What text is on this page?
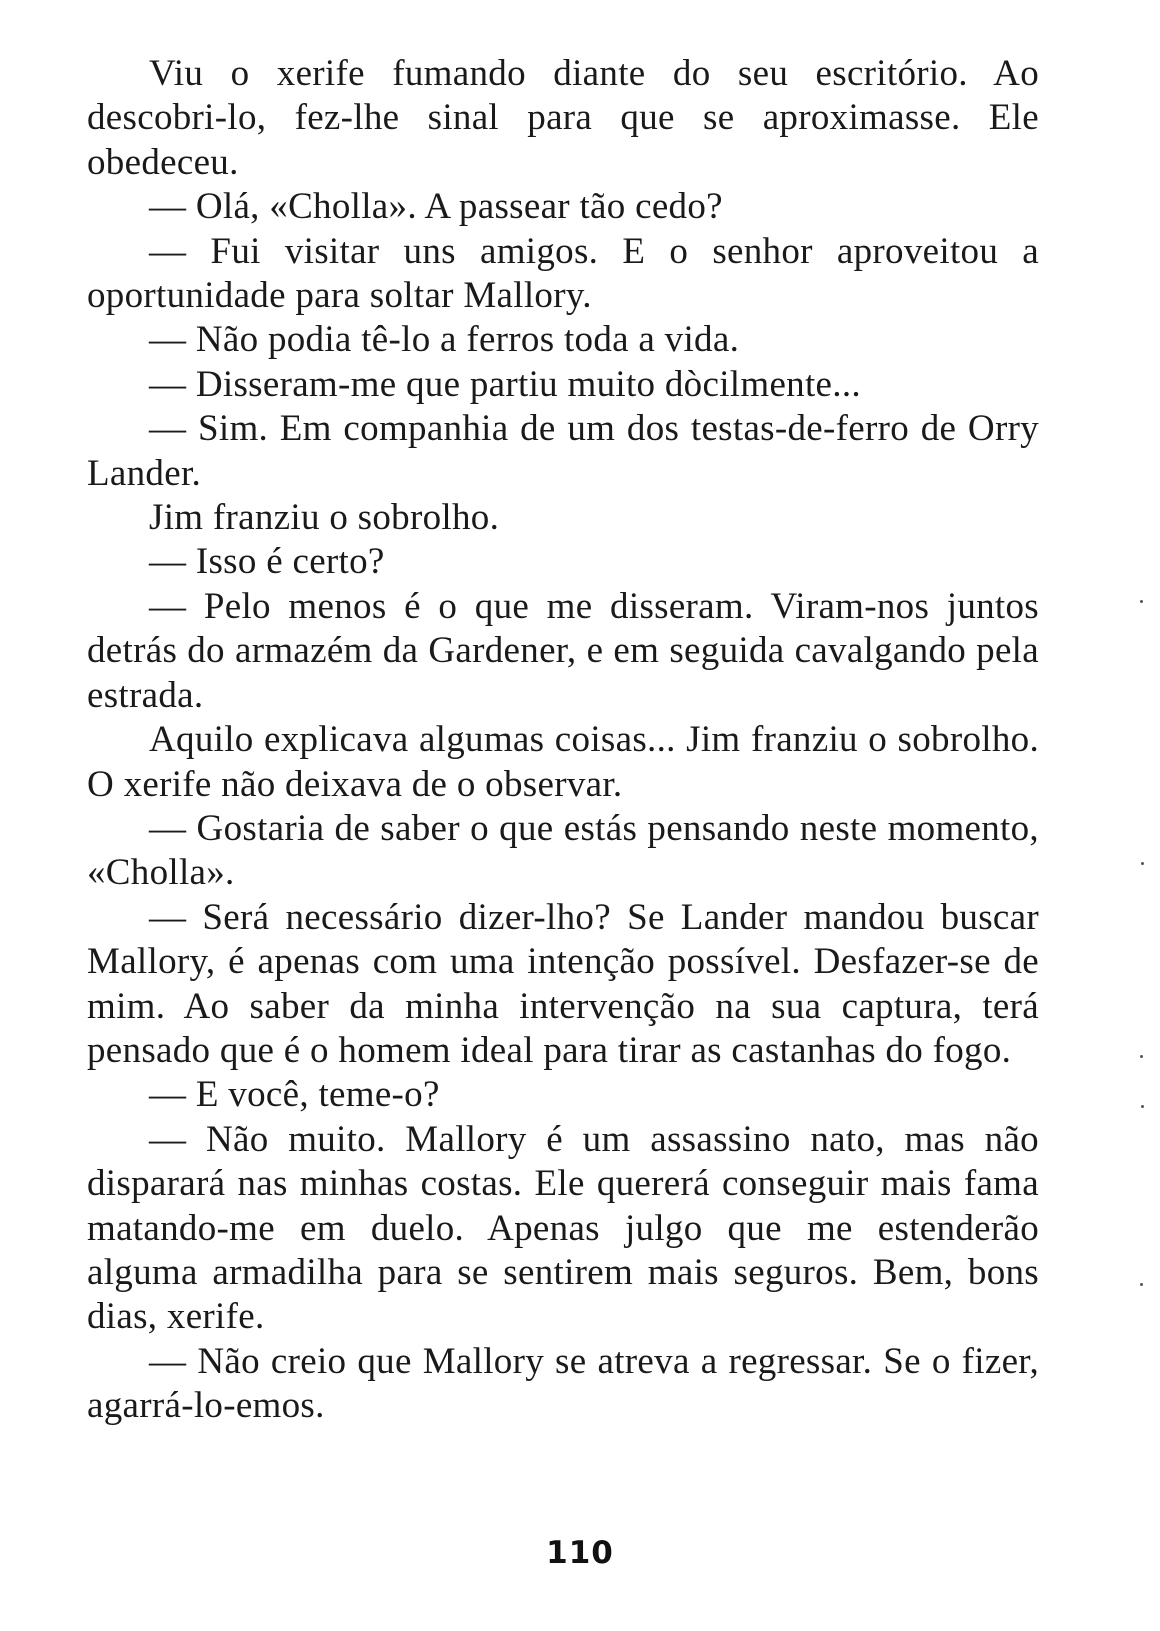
Viu o xerife fumando diante do seu escritório. Ao descobri-lo, fez-lhe sinal para que se aproximasse. Ele obedeceu.

— Olá, «Cholla». A passear tão cedo?

— Fui visitar uns amigos. E o senhor aproveitou a oportunidade para soltar Mallory.

— Não podia tê-lo a ferros toda a vida.

— Disseram-me que partiu muito dòcilmente...

— Sim. Em companhia de um dos testas-de-ferro de Orry Lander.

Jim franziu o sobrolho.

— Isso é certo?

— Pelo menos é o que me disseram. Viram-nos juntos detrás do armazém da Gardener, e em seguida cavalgando pela estrada.

Aquilo explicava algumas coisas... Jim franziu o sobrolho. O xerife não deixava de o observar.

— Gostaria de saber o que estás pensando neste momento, «Cholla».

— Será necessário dizer-lho? Se Lander mandou buscar Mallory, é apenas com uma intenção possível. Desfazer-se de mim. Ao saber da minha intervenção na sua captura, terá pensado que é o homem ideal para tirar as castanhas do fogo.

— E você, teme-o?

— Não muito. Mallory é um assassino nato, mas não disparará nas minhas costas. Ele quererá conseguir mais fama matando-me em duelo. Apenas julgo que me estenderão alguma armadilha para se sentirem mais seguros. Bem, bons dias, xerife.

— Não creio que Mallory se atreva a regressar. Se o fizer, agarrá-lo-emos.

110
